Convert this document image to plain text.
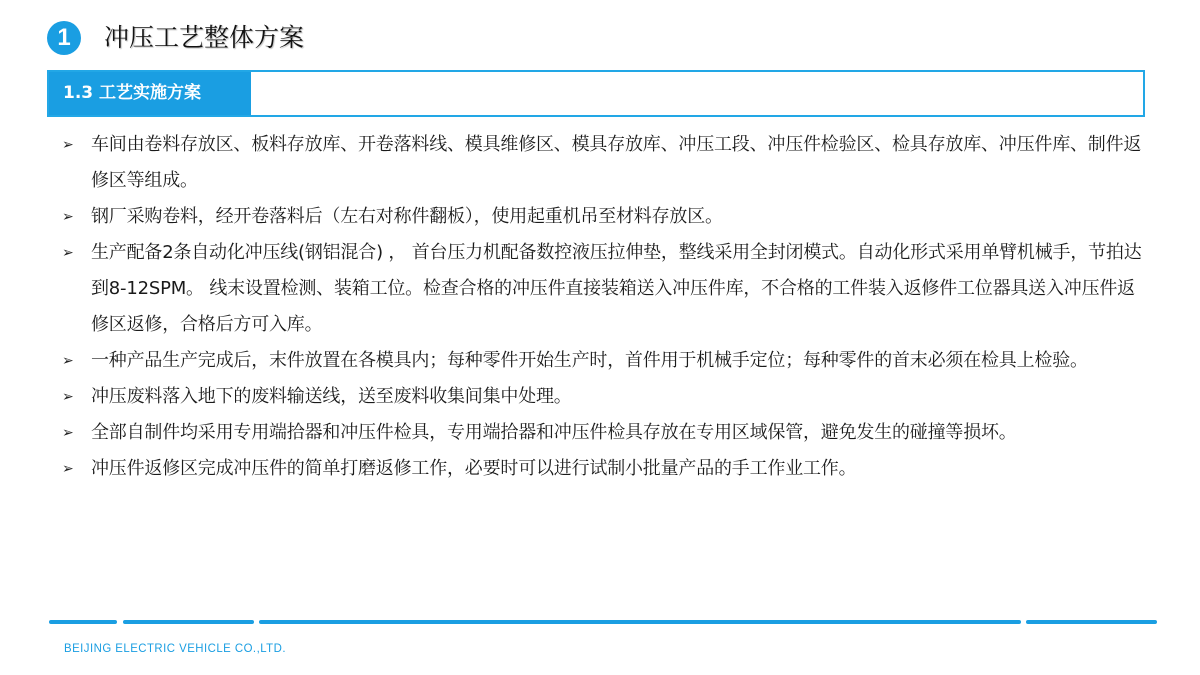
1	冲压工艺整体方案
1.3 工艺实施方案
➢ 车间由卷料存放区、板料存放库、开卷落料线、模具维修区、模具存放库、冲压工段、冲压件检验区、检具存放库、冲压件库、制件返修区等组成。
➢ 钢厂采购卷料，经开卷落料后（左右对称件翻板），使用起重机吊至材料存放区。
➢ 生产配备2条自动化冲压线(钢铝混合) ， 首台压力机配备数控液压拉伸垫，整线采用全封闭模式。自动化形式采用单臂机械手，节拍达到8-12SPM。 线末设置检测、装箱工位。检查合格的冲压件直接装箱送入冲压件库，不合格的工件装入返修件工位器具送入冲压件返修区返修，合格后方可入库。
➢ 一种产品生产完成后，末件放置在各模具内；每种零件开始生产时，首件用于机械手定位；每种零件的首末必须在检具上检验。
➢ 冲压废料落入地下的废料输送线，送至废料收集间集中处理。
➢ 全部自制件均采用专用端拾器和冲压件检具，专用端拾器和冲压件检具存放在专用区域保管，避免发生的碰撞等损坏。
➢ 冲压件返修区完成冲压件的简单打磨返修工作，必要时可以进行试制小批量产品的手工作业工作。
BEIJING ELECTRIC VEHICLE CO.,LTD.
